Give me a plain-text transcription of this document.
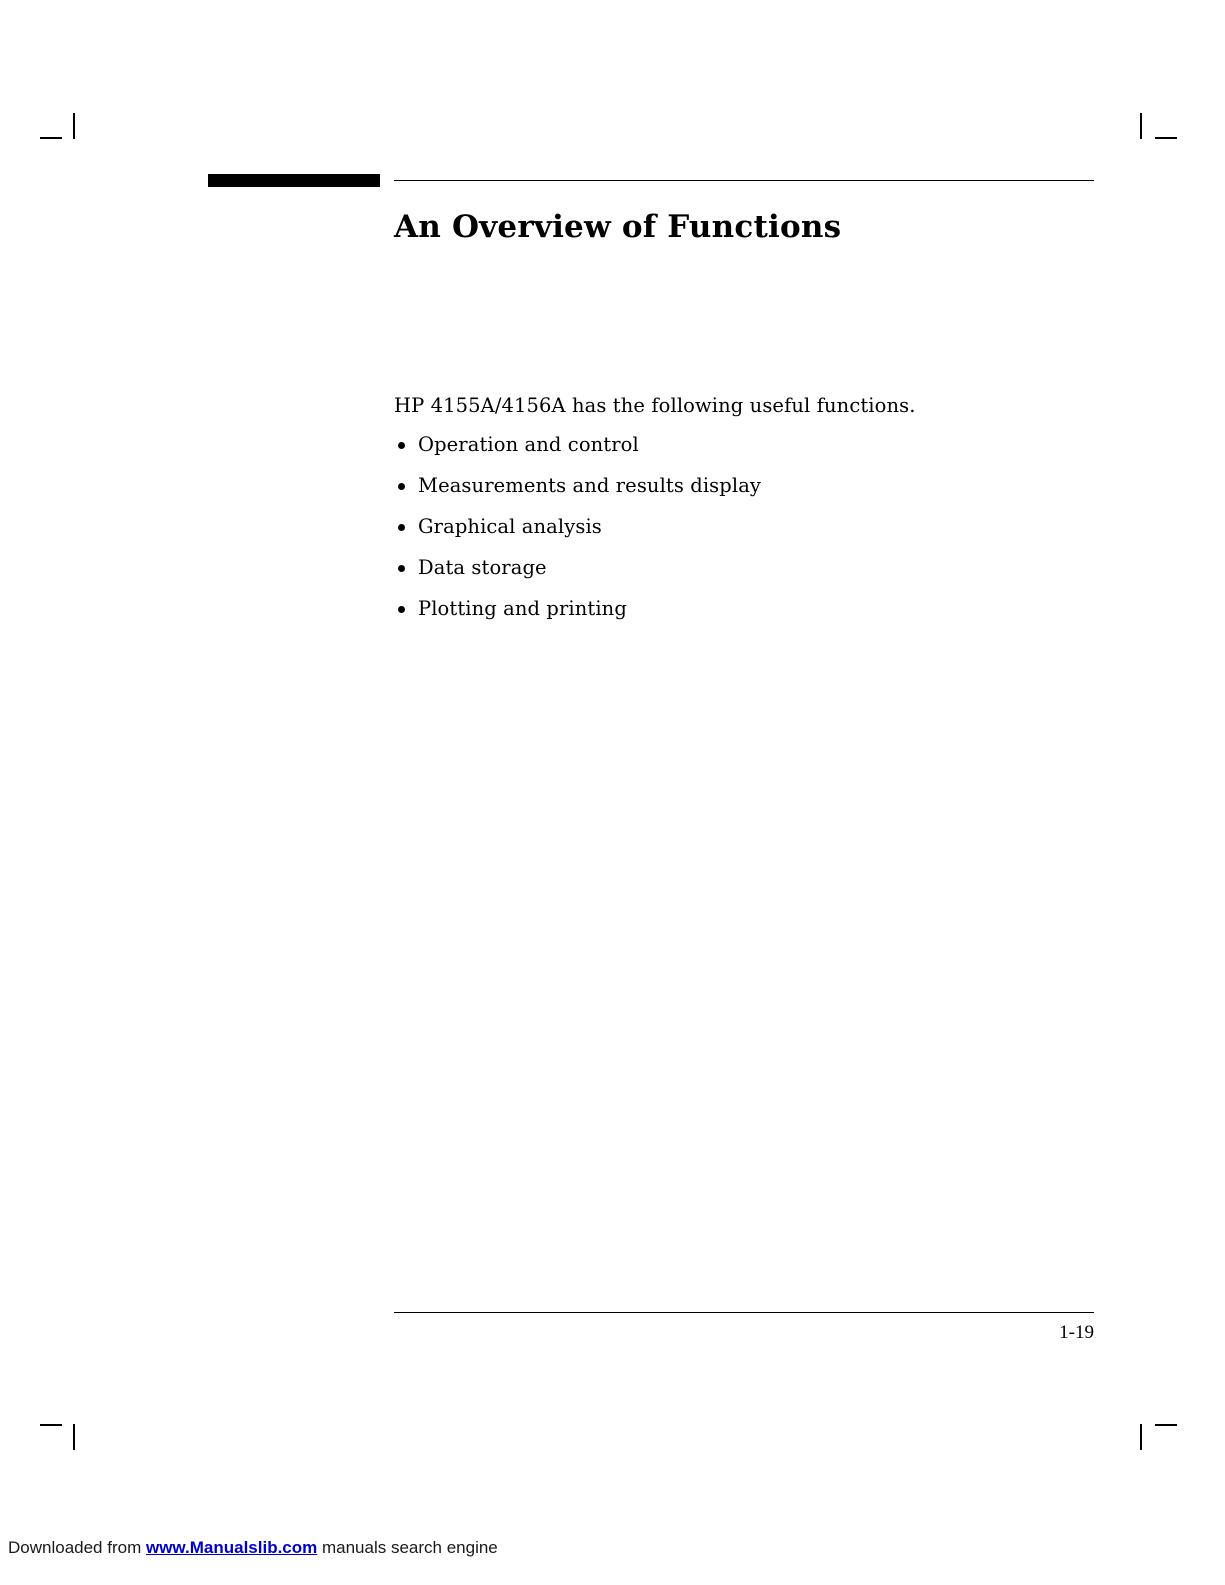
An Overview of Functions

HP 4155A/4156A has the following useful functions.

Operation and control
Measurements and results display
Graphical analysis
Data storage
Plotting and printing
1-19
Downloaded from www.Manualslib.com manuals search engine
